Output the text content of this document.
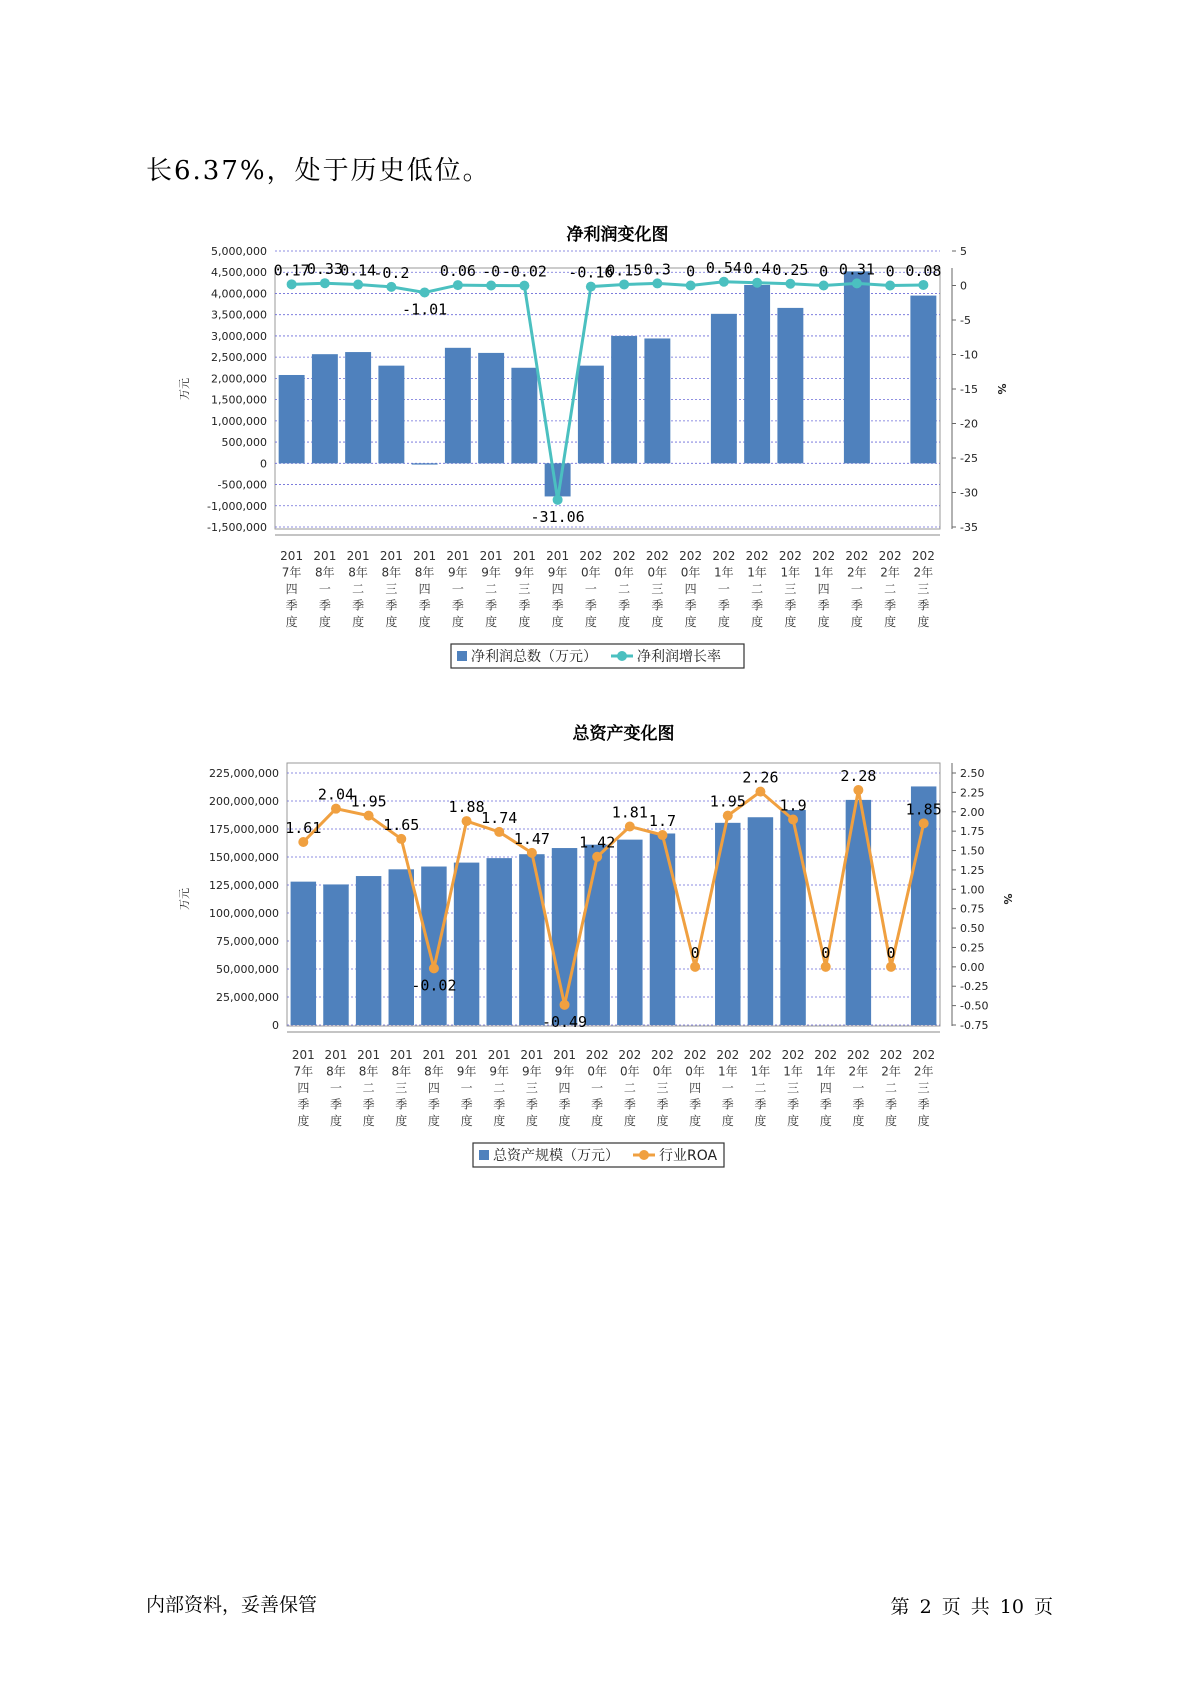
长6.37%，处于历史低位。
净利润变化图
5,000,000
4,500,000
4,000,000
3,500,000
3,000,000
2,500,000
2,000,000
1,500,000
1,000,000
500,000
0
-500,000
-1,000,000
-1,500,000
5
0
-5
-10
-15
-20
-25
-30
-35
万元	%
201 7年四季度
201 8年一季度
201 8年二季度
201 8年三季度
201 8年四季度
201 9年一季度
201 9年二季度
201 9年三季度
201 9年四季度
202 0年一季度
202 0年二季度
202 0年三季度
202 0年四季度
202 1年一季度
202 1年二季度
202 1年三季度
202 1年四季度
202 2年一季度
202 2年二季度
202 2年三季度
0.17
0.33
0.14
-0.2
-1.01
0.06 -0 -0.02
-31.06
-0.16
0.15 0.3 0 0.54 0.4 0.25 0 0.31 0 0.08
净利润总数（万元）	净利润增长率
总资产变化图
225,000,000
200,000,000
175,000,000
150,000,000
125,000,000
100,000,000
75,000,000
50,000,000
25,000,000
0
2.50
2.25
2.00
1.75
1.50
1.25
1.00
0.75
0.50
0.25
0.00
-0.25
-0.50
-0.75
万元	%
201 7年四季度
201 8年一季度
201 8年二季度
201 8年三季度
201 8年四季度
201 9年一季度
201 9年二季度
201 9年三季度
201 9年四季度
202 0年一季度
202 0年二季度
202 0年三季度
202 0年四季度
202 1年一季度
202 1年二季度
202 1年三季度
202 1年四季度
202 2年一季度
202 2年二季度
202 2年三季度
1.61
2.04
1.95
1.65
-0.02
1.88
1.74
1.47
-0.49
1.42
1.81 1.7
0
1.95
2.26
1.9
0
2.28
0
1.85
总资产规模（万元）	行业ROA
内部资料，妥善保管	第 2 页 共 10 页
